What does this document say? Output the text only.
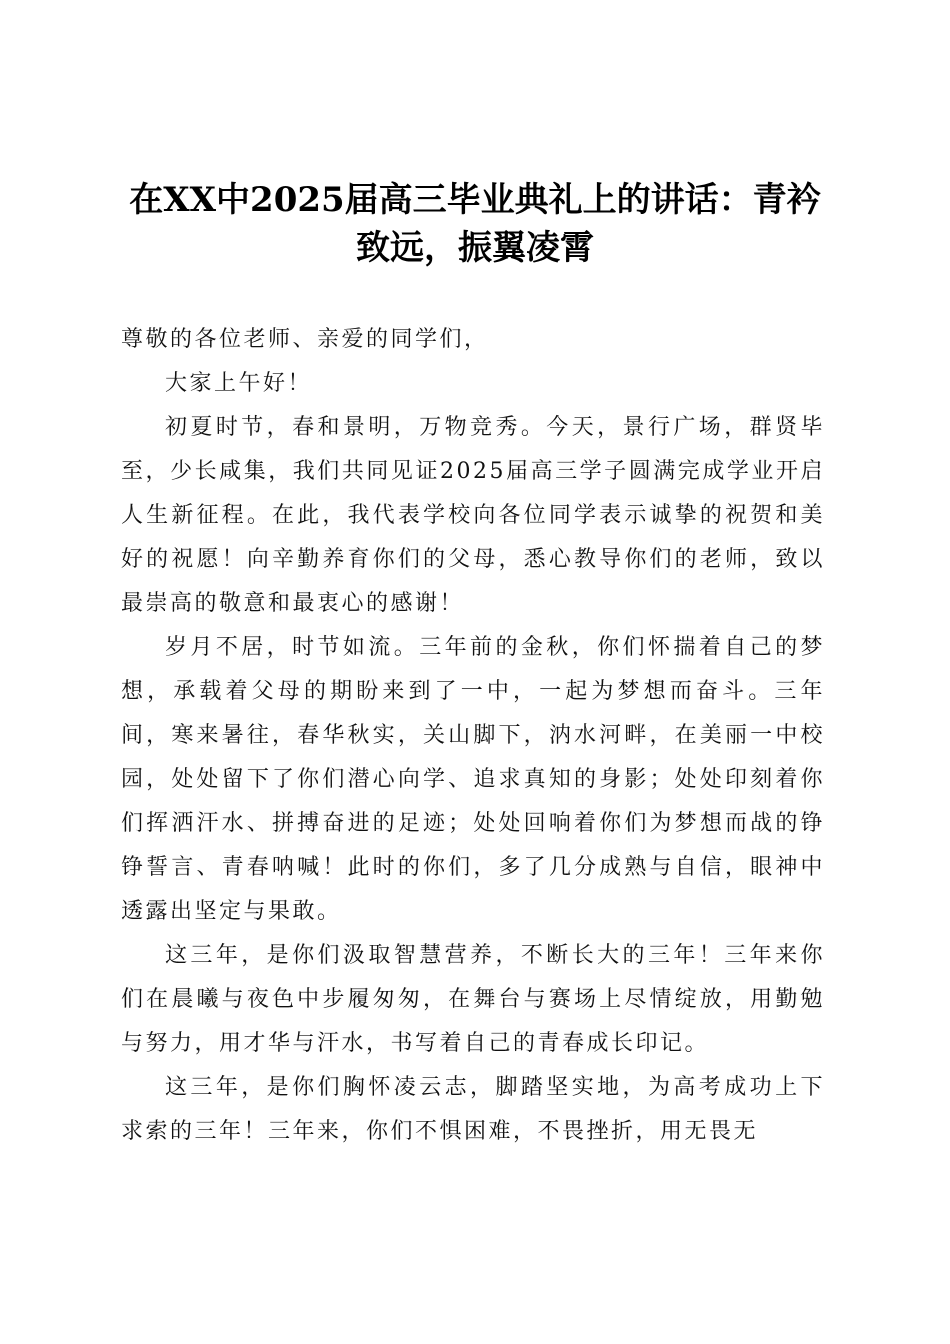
在XX中2025届高三毕业典礼上的讲话：青衿致远，振翼凌霄

尊敬的各位老师、亲爱的同学们，

大家上午好！

初夏时节，春和景明，万物竞秀。今天，景行广场，群贤毕至，少长咸集，我们共同见证2025届高三学子圆满完成学业开启人生新征程。在此，我代表学校向各位同学表示诚挚的祝贺和美好的祝愿！向辛勤养育你们的父母，悉心教导你们的老师，致以最崇高的敬意和最衷心的感谢！

岁月不居，时节如流。三年前的金秋，你们怀揣着自己的梦想，承载着父母的期盼来到了一中，一起为梦想而奋斗。三年间，寒来暑往，春华秋实，关山脚下，汭水河畔，在美丽一中校园，处处留下了你们潜心向学、追求真知的身影；处处印刻着你们挥洒汗水、拼搏奋进的足迹；处处回响着你们为梦想而战的铮铮誓言、青春呐喊！此时的你们，多了几分成熟与自信，眼神中透露出坚定与果敢。

这三年，是你们汲取智慧营养，不断长大的三年！三年来你们在晨曦与夜色中步履匆匆，在舞台与赛场上尽情绽放，用勤勉与努力，用才华与汗水，书写着自己的青春成长印记。

这三年，是你们胸怀凌云志，脚踏坚实地，为高考成功上下求索的三年！三年来，你们不惧困难，不畏挫折，用无畏无
